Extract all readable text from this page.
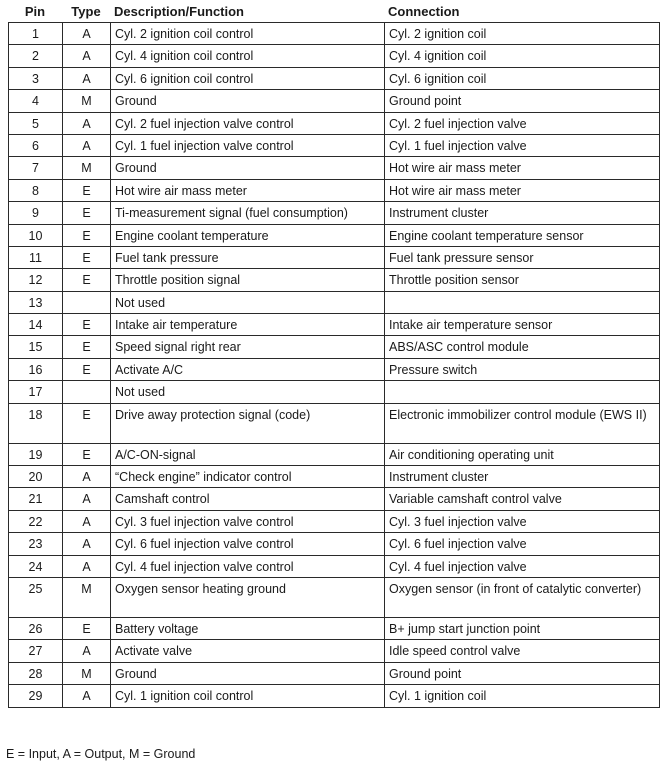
Pin	Type	Description/Function	Connection
1	A	Cyl. 2 ignition coil control	Cyl. 2 ignition coil
2	A	Cyl. 4 ignition coil control	Cyl. 4 ignition coil
3	A	Cyl. 6 ignition coil control	Cyl. 6 ignition coil
4	M	Ground	Ground point
5	A	Cyl. 2 fuel injection valve control	Cyl. 2 fuel injection valve
6	A	Cyl. 1 fuel injection valve control	Cyl. 1 fuel injection valve
7	M	Ground	Hot wire air mass meter
8	E	Hot wire air mass meter	Hot wire air mass meter
9	E	Ti-measurement signal (fuel consumption)	Instrument cluster
10	E	Engine coolant temperature	Engine coolant temperature sensor
11	E	Fuel tank pressure	Fuel tank pressure sensor
12	E	Throttle position signal	Throttle position sensor
13		Not used	
14	E	Intake air temperature	Intake air temperature sensor
15	E	Speed signal right rear	ABS/ASC control module
16	E	Activate A/C	Pressure switch
17		Not used	
18	E	Drive away protection signal (code)	Electronic immobilizer control module (EWS II)
19	E	A/C-ON-signal	Air conditioning operating unit
20	A	“Check engine” indicator control	Instrument cluster
21	A	Camshaft control	Variable camshaft control valve
22	A	Cyl. 3 fuel injection valve control	Cyl. 3 fuel injection valve
23	A	Cyl. 6 fuel injection valve control	Cyl. 6 fuel injection valve
24	A	Cyl. 4 fuel injection valve control	Cyl. 4 fuel injection valve
25	M	Oxygen sensor heating ground	Oxygen sensor (in front of catalytic converter)
26	E	Battery voltage	B+ jump start junction point
27	A	Activate valve	Idle speed control valve
28	M	Ground	Ground point
29	A	Cyl. 1 ignition coil control	Cyl. 1 ignition coil
E = Input, A = Output, M = Ground
